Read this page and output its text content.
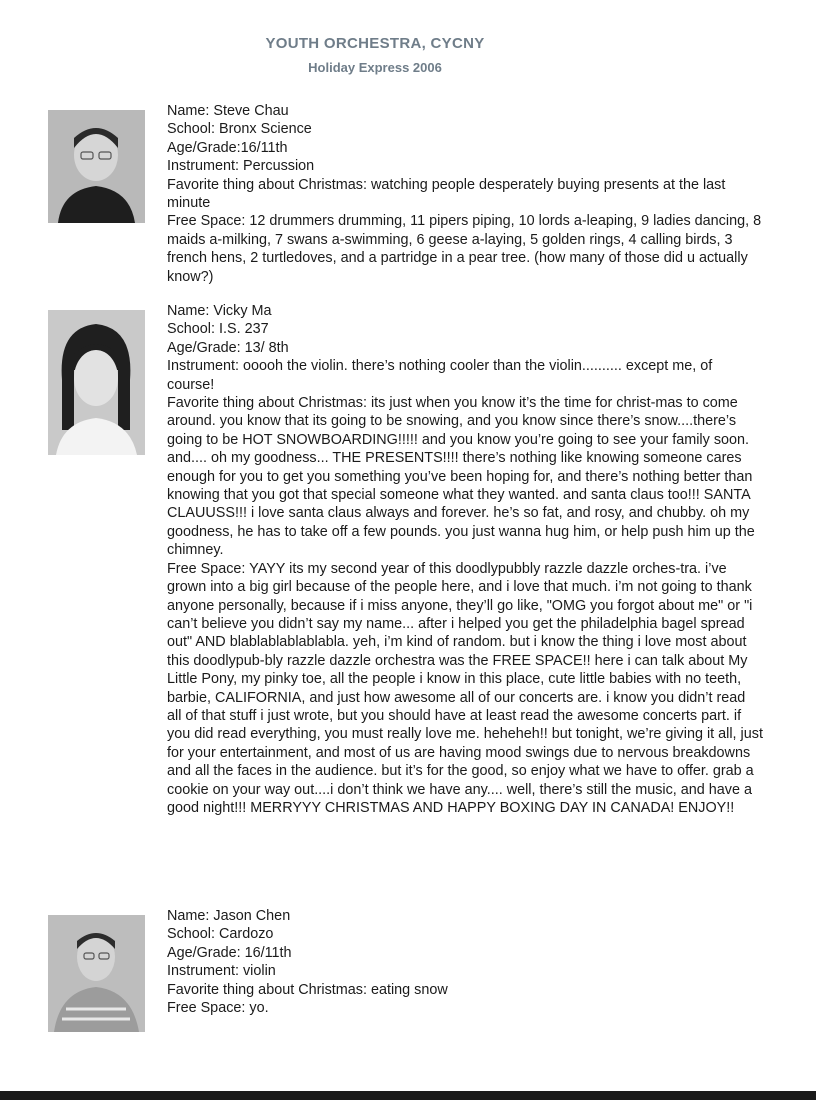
YOUTH ORCHESTRA, CYCNY
Holiday Express 2006
Name: Steve Chau
School: Bronx Science
Age/Grade:16/11th
Instrument: Percussion
Favorite thing about Christmas: watching people desperately buying presents at the last minute
Free Space: 12 drummers drumming, 11 pipers piping, 10 lords a-leaping, 9 ladies dancing, 8 maids a-milking, 7 swans a-swimming, 6 geese a-laying, 5 golden rings, 4 calling birds, 3 french hens, 2 turtledoves, and a partridge in a pear tree. (how many of those did u actually know?)
Name: Vicky Ma
School: I.S. 237
Age/Grade: 13/ 8th
Instrument: ooooh the violin. there’s nothing cooler than the violin.......... except me, of course!
Favorite thing about Christmas: its just when you know it’s the time for christ-mas to come around. you know that its going to be snowing, and you know since there’s snow....there’s going to be HOT SNOWBOARDING!!!!! and you know you’re going to see your family soon. and.... oh my goodness... THE PRESENTS!!!! there’s nothing like knowing someone cares enough for you to get you something you’ve been hoping for, and there’s nothing better than knowing that you got that special someone what they wanted. and santa claus too!!! SANTA CLAUUSS!!! i love santa claus always and forever. he’s so fat, and rosy, and chubby. oh my goodness, he has to take off a few pounds. you just wanna hug him, or help push him up the chimney.
Free Space: YAYY its my second year of this doodlypubbly razzle dazzle orches-tra. i’ve grown into a big girl because of the people here, and i love that much. i’m not going to thank anyone personally, because if i miss anyone, they’ll go like, "OMG you forgot about me" or "i can’t believe you didn’t say my name... after i helped you get the philadelphia bagel spread out" AND blablablablablabla. yeh, i’m kind of random. but i know the thing i love most about this doodlypub-bly razzle dazzle orchestra was the FREE SPACE!! here i can talk about My Little Pony, my pinky toe, all the people i know in this place, cute little babies with no teeth, barbie, CALIFORNIA, and just how awesome all of our concerts are. i know you didn’t read all of that stuff i just wrote, but you should have at least read the awesome concerts part. if you did read everything, you must really love me. heheheh!! but tonight, we’re giving it all, just for your entertainment, and most of us are having mood swings due to nervous breakdowns and all the faces in the audience. but it’s for the good, so enjoy what we have to offer. grab a cookie on your way out....i don’t think we have any.... well, there’s still the music, and have a good night!!! MERRYYY CHRISTMAS AND HAPPY BOXING DAY IN CANADA! ENJOY!!
Name: Jason Chen
School: Cardozo
Age/Grade: 16/11th
Instrument: violin
Favorite thing about Christmas: eating snow
Free Space: yo.
